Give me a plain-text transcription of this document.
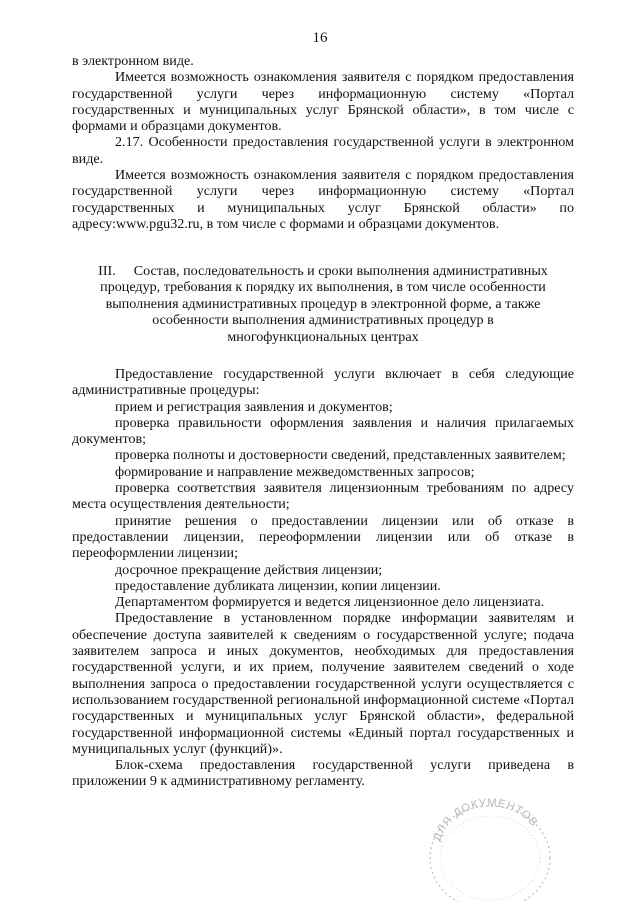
16

в электронном виде.

Имеется возможность ознакомления заявителя с порядком предоставления государственной услуги через информационную систему «Портал государственных и муниципальных услуг Брянской области», в том числе с формами и образцами документов.

2.17. Особенности предоставления государственной услуги в электронном виде.

Имеется возможность ознакомления заявителя с порядком предоставления государственной услуги через информационную систему «Портал государственных и муниципальных услуг Брянской области» по адресу:www.pgu32.ru, в том числе с формами и образцами документов.

III. Состав, последовательность и сроки выполнения административных
процедур, требования к порядку их выполнения, в том числе особенности
выполнения административных процедур в электронной форме, а также
особенности выполнения административных процедур в
многофункциональных центрах

Предоставление государственной услуги включает в себя следующие административные процедуры:

прием и регистрация заявления и документов;

проверка правильности оформления заявления и наличия прилагаемых документов;

проверка полноты и достоверности сведений, представленных заявителем;

формирование и направление межведомственных запросов;

проверка соответствия заявителя лицензионным требованиям по адресу места осуществления деятельности;

принятие решения о предоставлении лицензии или об отказе в предоставлении лицензии, переоформлении лицензии или об отказе в переоформлении лицензии;

досрочное прекращение действия лицензии;

предоставление дубликата лицензии, копии лицензии.

Департаментом формируется и ведется лицензионное дело лицензиата.

Предоставление в установленном порядке информации заявителям и обеспечение доступа заявителей к сведениям о государственной услуге; подача заявителем запроса и иных документов, необходимых для предоставления государственной услуги, и их прием, получение заявителем сведений о ходе выполнения запроса о предоставлении государственной услуги осуществляется с использованием государственной региональной информационной системе «Портал государственных и муниципальных услуг Брянской области», федеральной государственной информационной системы «Единый портал государственных и муниципальных услуг (функций)».

Блок-схема предоставления государственной услуги приведена в приложении 9 к административному регламенту.

ДЛЯ ДОКУМЕНТОВ
